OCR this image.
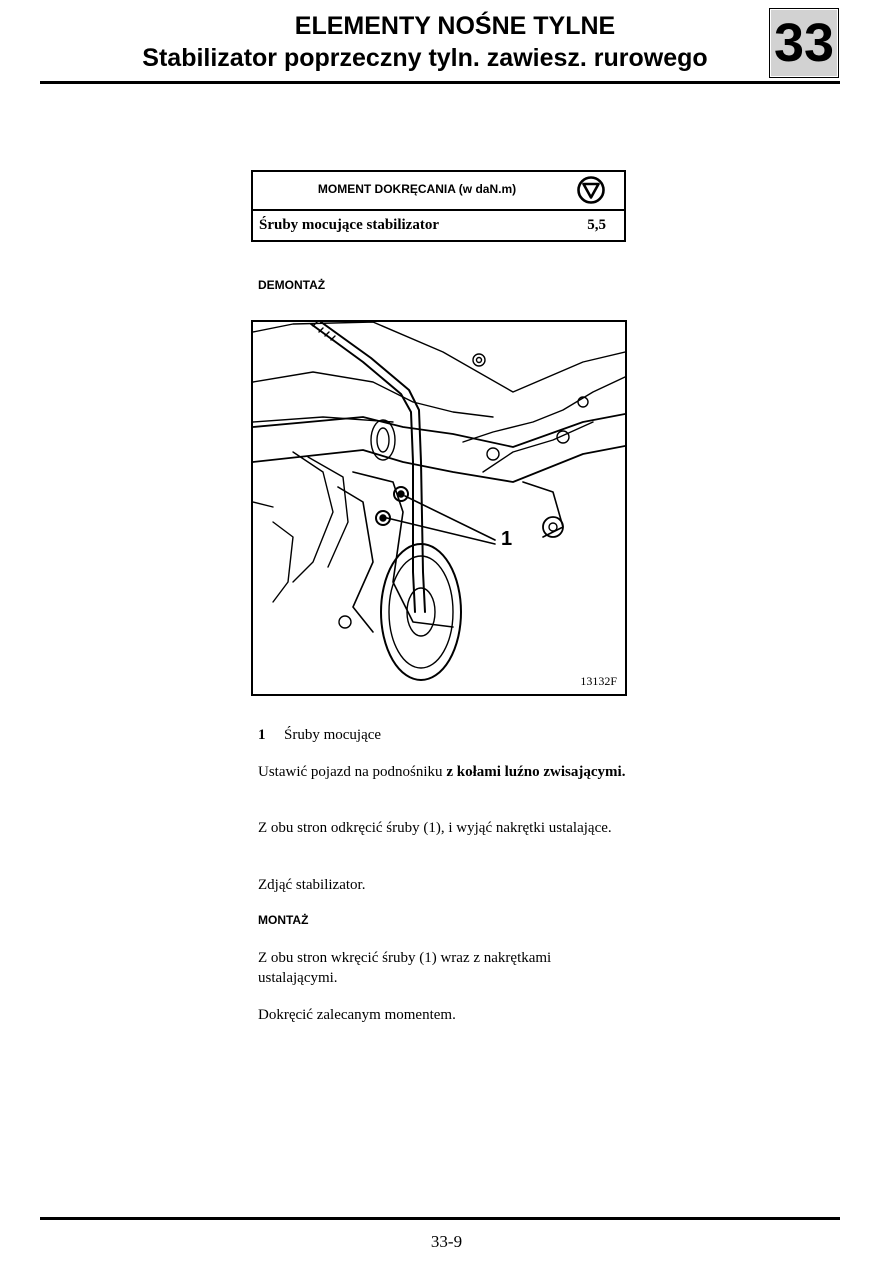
ELEMENTY NOŚNE TYLNE
Stabilizator poprzeczny tyln. zawiesz. rurowego	33
MOMENT DOKRĘCANIA (w daN.m)
Śruby mocujące stabilizator	5,5
DEMONTAŻ
1
13132F
1 Śruby mocujące
Ustawić pojazd na podnośniku z kołami luźno zwisającymi.
Z obu stron odkręcić śruby (1), i wyjąć nakrętki ustalające.
Zdjąć stabilizator.
MONTAŻ
Z obu stron wkręcić śruby (1) wraz z nakrętkami ustalającymi.
Dokręcić zalecanym momentem.
33-9
